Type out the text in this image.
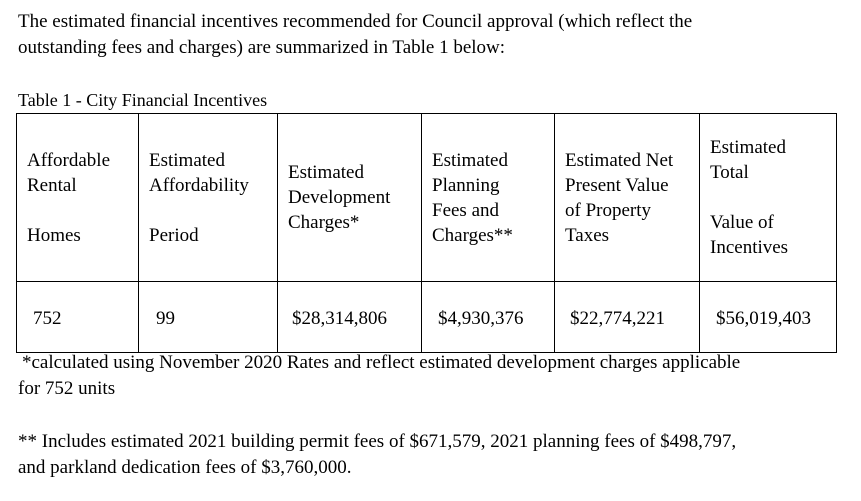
The estimated financial incentives recommended for Council approval (which reflect the
outstanding fees and charges) are summarized in Table 1 below:
Table 1 - City Financial Incentives
Affordable
Rental

Homes	Estimated
Affordability

Period	Estimated
Development
Charges*	Estimated
Planning
Fees and
Charges**	Estimated Net
Present Value
of Property
Taxes	Estimated
Total

Value of
Incentives

752	99	$28,314,806	$4,930,376	$22,774,221	$56,019,403
*calculated using November 2020 Rates and reflect estimated development charges applicable
for 752 units
** Includes estimated 2021 building permit fees of $671,579, 2021 planning fees of $498,797,
and parkland dedication fees of $3,760,000.
